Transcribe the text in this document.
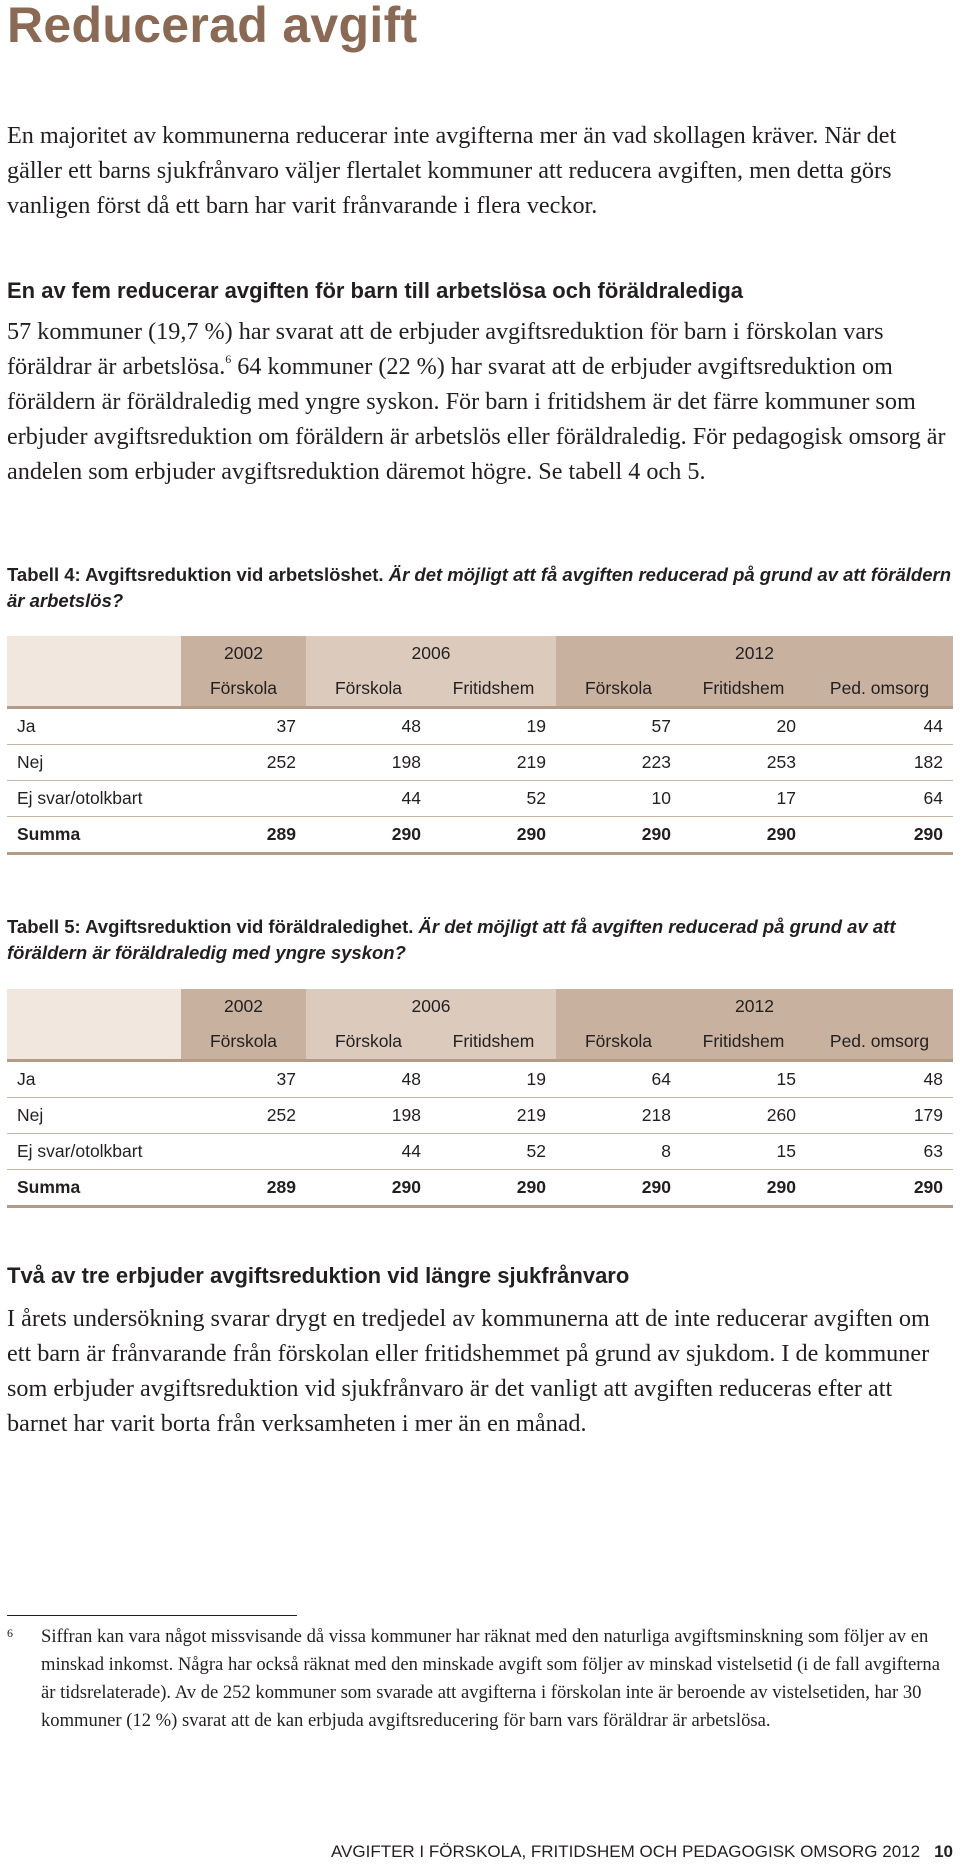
Reducerad avgift

En majoritet av kommunerna reducerar inte avgifterna mer än vad skollagen kräver. När det gäller ett barns sjukfrånvaro väljer flertalet kommuner att reducera avgiften, men detta görs vanligen först då ett barn har varit frånvarande i flera veckor.

En av fem reducerar avgiften för barn till arbetslösa och föräldralediga

57 kommuner (19,7 %) har svarat att de erbjuder avgiftsreduktion för barn i förskolan vars föräldrar är arbetslösa.$^6$ 64 kommuner (22 %) har svarat att de erbjuder avgiftsreduktion om föräldern är föräldraledig med yngre syskon. För barn i fritidshem är det färre kommuner som erbjuder avgiftsreduktion om föräldern är arbetslös eller föräldraledig. För pedagogisk omsorg är andelen som erbjuder avgiftsreduktion däremot högre. Se tabell 4 och 5.

Tabell 4: Avgiftsreduktion vid arbetslöshet. Är det möjligt att få avgiften reducerad på grund av att föräldern är arbetslös?

	2002	2006		2012		
	Förskola	Förskola	Fritidshem	Förskola	Fritidshem	Ped. omsorg
Ja	37	48	19	57	20	44
Nej	252	198	219	223	253	182
Ej svar/otolkbart		44	52	10	17	64
Summa	289	290	290	290	290	290

Tabell 5: Avgiftsreduktion vid föräldraledighet. Är det möjligt att få avgiften reducerad på grund av att föräldern är föräldraledig med yngre syskon?

	2002	2006		2012		
	Förskola	Förskola	Fritidshem	Förskola	Fritidshem	Ped. omsorg
Ja	37	48	19	64	15	48
Nej	252	198	219	218	260	179
Ej svar/otolkbart		44	52	8	15	63
Summa	289	290	290	290	290	290
Två av tre erbjuder avgiftsreduktion vid längre sjukfrånvaro

I årets undersökning svarar drygt en tredjedel av kommunerna att de inte reducerar avgiften om ett barn är frånvarande från förskolan eller fritidshemmet på grund av sjukdom. I de kommuner som erbjuder avgiftsreduktion vid sjukfrånvaro är det vanligt att avgiften reduceras efter att barnet har varit borta från verksamheten i mer än en månad.

6 Siffran kan vara något missvisande då vissa kommuner har räknat med den naturliga avgiftsminskning som följer av en minskad inkomst. Några har också räknat med den minskade avgift som följer av minskad vistelsetid (i de fall avgifterna är tidsrelaterade). Av de 252 kommuner som svarade att avgifterna i förskolan inte är beroende av vistelsetiden, har 30 kommuner (12 %) svarat att de kan erbjuda avgiftsreducering för barn vars föräldrar är arbetslösa.
AVGIFTER I FÖRSKOLA, FRITIDSHEM OCH PEDAGOGISK OMSORG 2012 10
